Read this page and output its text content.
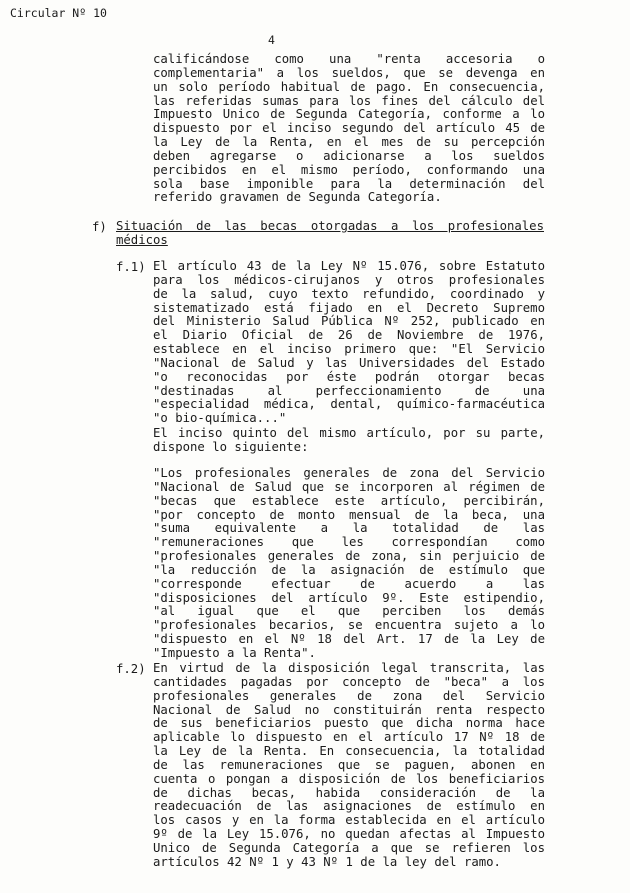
Circular Nº 10
4
calificándose como una "renta accesoria o
complementaria" a los sueldos, que se devenga en
un solo período habitual de pago. En consecuencia,
las referidas sumas para los fines del cálculo del
Impuesto Unico de Segunda Categoría, conforme a lo
dispuesto por el inciso segundo del artículo 45 de
la Ley de la Renta, en el mes de su percepción
deben agregarse o adicionarse a los sueldos
percibidos en el mismo período, conformando una
sola base imponible para la determinación del
referido gravamen de Segunda Categoría.
f) Situación de las becas otorgadas a los profesionales
médicos
f.1) El artículo 43 de la Ley Nº 15.076, sobre Estatuto
para los médicos-cirujanos y otros profesionales
de la salud, cuyo texto refundido, coordinado y
sistematizado está fijado en el Decreto Supremo
del Ministerio Salud Pública Nº 252, publicado en
el Diario Oficial de 26 de Noviembre de 1976,
establece en el inciso primero que: "El Servicio
"Nacional de Salud y las Universidades del Estado
"o reconocidas por éste podrán otorgar becas
"destinadas al perfeccionamiento de una
"especialidad médica, dental, químico-farmacéutica
"o bio-química..."
El inciso quinto del mismo artículo, por su parte,
dispone lo siguiente:
"Los profesionales generales de zona del Servicio
"Nacional de Salud que se incorporen al régimen de
"becas que establece este artículo, percibirán,
"por concepto de monto mensual de la beca, una
"suma equivalente a la totalidad de las
"remuneraciones que les correspondían como
"profesionales generales de zona, sin perjuicio de
"la reducción de la asignación de estímulo que
"corresponde efectuar de acuerdo a las
"disposiciones del artículo 9º. Este estipendio,
"al igual que el que perciben los demás
"profesionales becarios, se encuentra sujeto a lo
"dispuesto en el Nº 18 del Art. 17 de la Ley de
"Impuesto a la Renta".
f.2) En virtud de la disposición legal transcrita, las
cantidades pagadas por concepto de "beca" a los
profesionales generales de zona del Servicio
Nacional de Salud no constituirán renta respecto
de sus beneficiarios puesto que dicha norma hace
aplicable lo dispuesto en el artículo 17 Nº 18 de
la Ley de la Renta. En consecuencia, la totalidad
de las remuneraciones que se paguen, abonen en
cuenta o pongan a disposición de los beneficiarios
de dichas becas, habida consideración de la
readecuación de las asignaciones de estímulo en
los casos y en la forma establecida en el artículo
9º de la Ley 15.076, no quedan afectas al Impuesto
Unico de Segunda Categoría a que se refieren los
artículos 42 Nº 1 y 43 Nº 1 de la ley del ramo.
